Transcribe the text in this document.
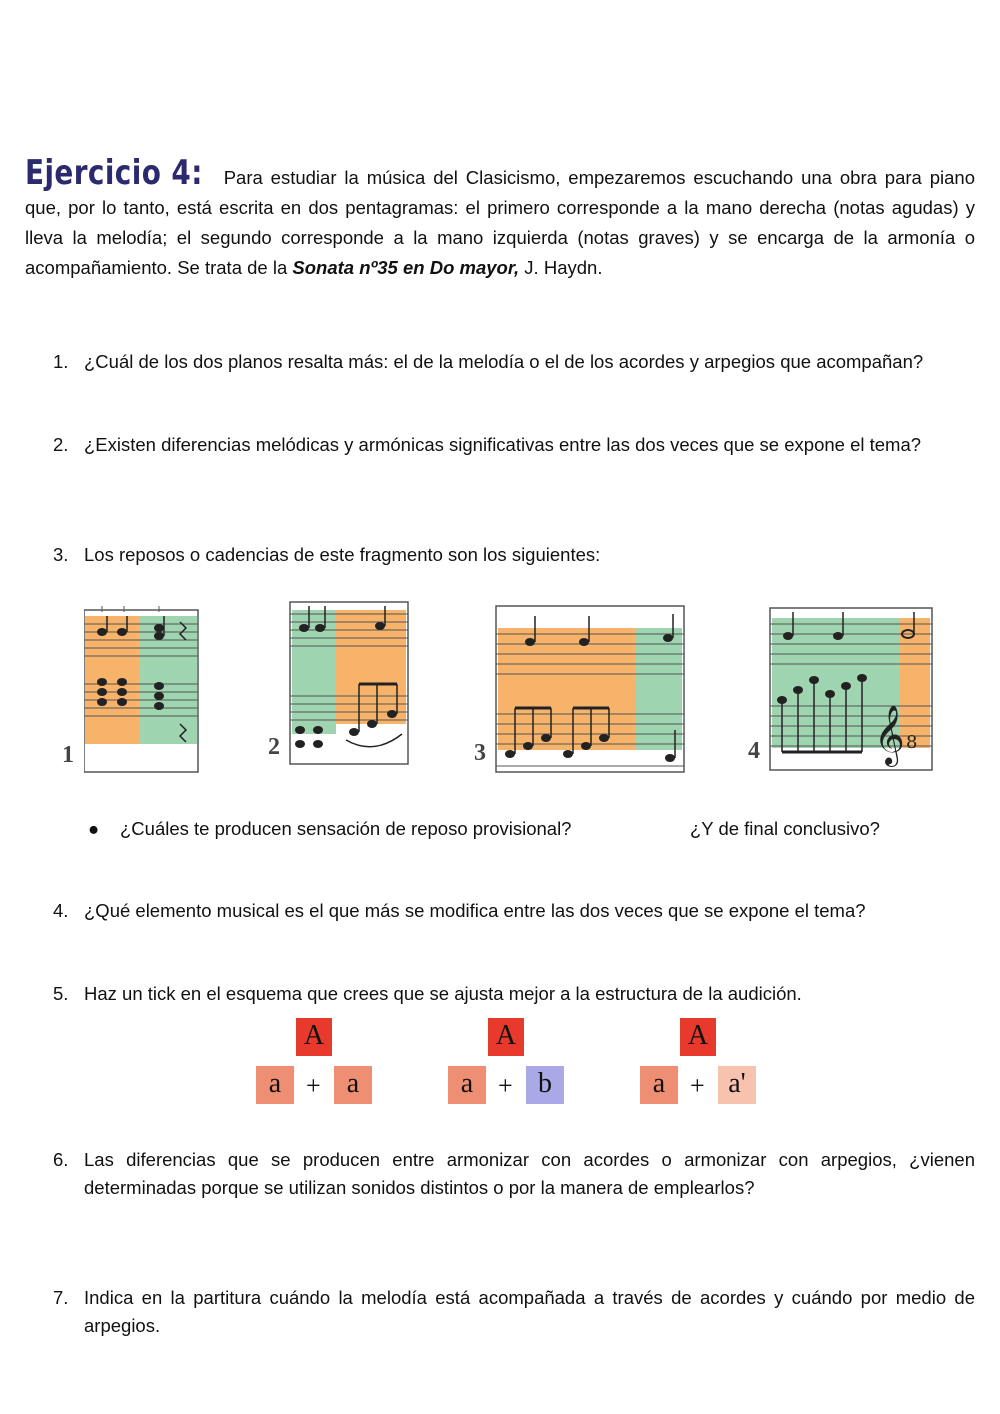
Ejercicio 4: Para estudiar la música del Clasicismo, empezaremos escuchando una obra para piano que, por lo tanto, está escrita en dos pentagramas: el primero corresponde a la mano derecha (notas agudas) y lleva la melodía; el segundo corresponde a la mano izquierda (notas graves) y se encarga de la armonía o acompañamiento. Se trata de la Sonata nº35 en Do mayor, J. Haydn.
1. ¿Cuál de los dos planos resalta más: el de la melodía o el de los acordes y arpegios que acompañan?
2. ¿Existen diferencias melódicas y armónicas significativas entre las dos veces que se expone el tema?
3. Los reposos o cadencias de este fragmento son los siguientes:
1	2	3	𝄞 8
4
● ¿Cuáles te producen sensación de reposo provisional?	¿Y de final conclusivo?
4. ¿Qué elemento musical es el que más se modifica entre las dos veces que se expone el tema?
5. Haz un tick en el esquema que crees que se ajusta mejor a la estructura de la audición.
A
a + a
A
a + b
A
a + a'
6. Las diferencias que se producen entre armonizar con acordes o armonizar con arpegios, ¿vienen determinadas porque se utilizan sonidos distintos o por la manera de emplearlos?
7. Indica en la partitura cuándo la melodía está acompañada a través de acordes y cuándo por medio de arpegios.
